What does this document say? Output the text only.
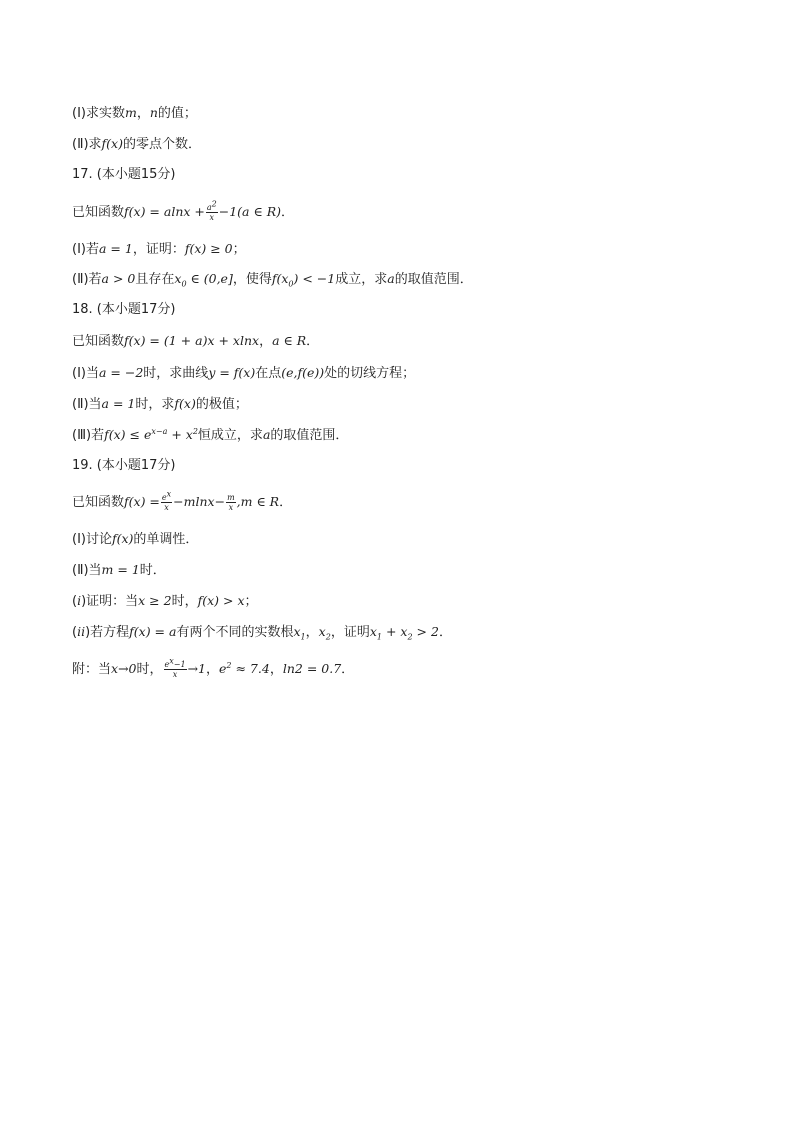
(Ⅰ)求实数m，n的值；
(Ⅱ)求f(x)的零点个数．
17. (本小题15分)
已知函数$f(x) = alnx + \frac{a^2}{x} -1(a$ ∈ R)．
(Ⅰ)若a = 1，证明：f(x) ≥ 0；
(Ⅱ)若a > 0且存在$x_0$ ∈ (0,e]，使得$f(x_0) < -1$成立，求a的取值范围．
18. (本小题17分)
已知函数f(x) = (1 + a)x + xlnx，a ∈ R．
(Ⅰ)当a = −2时，求曲线y = f(x)在点(e,f(e))处的切线方程；
(Ⅱ)当a = 1时，求f(x)的极值；
(Ⅲ)若$f(x) \le e^{x-a} + x^2$恒成立，求a的取值范围．
19. (本小题17分)
已知函数$f(x) = \frac{e^x}{x} -mlnx- \frac{m}{x} ,m$ ∈ R．
(Ⅰ)讨论f(x)的单调性．
(Ⅱ)当m = 1时．
(i)证明：当x ≥ 2时，f(x) > x；
(ii)若方程f(x) = a有两个不同的实数根$x_1$，$x_2$，证明$x_1 + x_2 > 2$．
附：当x→0时， $\frac{e^x-1}{x} \to 1$，$e^2 \approx 7.4$，ln2 = 0.7．
